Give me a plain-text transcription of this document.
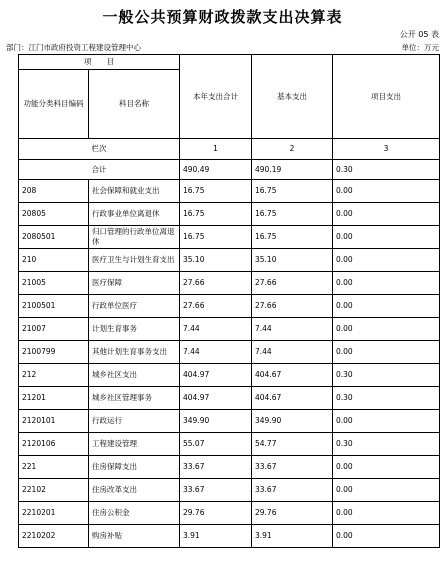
一般公共预算财政拨款支出决算表
公开 05 表
部门：江门市政府投资工程建设管理中心	单位：万元
项　　目		本年支出合计	基本支出	项目支出
功能分类科目编码	科目名称			
栏次		1	2	3
合计		490.49	490.19	0.30
208	社会保障和就业支出	16.75	16.75	0.00
20805	行政事业单位离退休	16.75	16.75	0.00
2080501	归口管理的行政单位离退休	16.75	16.75	0.00
210	医疗卫生与计划生育支出	35.10	35.10	0.00
21005	医疗保障	27.66	27.66	0.00
2100501	行政单位医疗	27.66	27.66	0.00
21007	计划生育事务	7.44	7.44	0.00
2100799	其他计划生育事务支出	7.44	7.44	0.00
212	城乡社区支出	404.97	404.67	0.30
21201	城乡社区管理事务	404.97	404.67	0.30
2120101	行政运行	349.90	349.90	0.00
2120106	工程建设管理	55.07	54.77	0.30
221	住房保障支出	33.67	33.67	0.00
22102	住房改革支出	33.67	33.67	0.00
2210201	住房公积金	29.76	29.76	0.00
2210202	购房补贴	3.91	3.91	0.00
